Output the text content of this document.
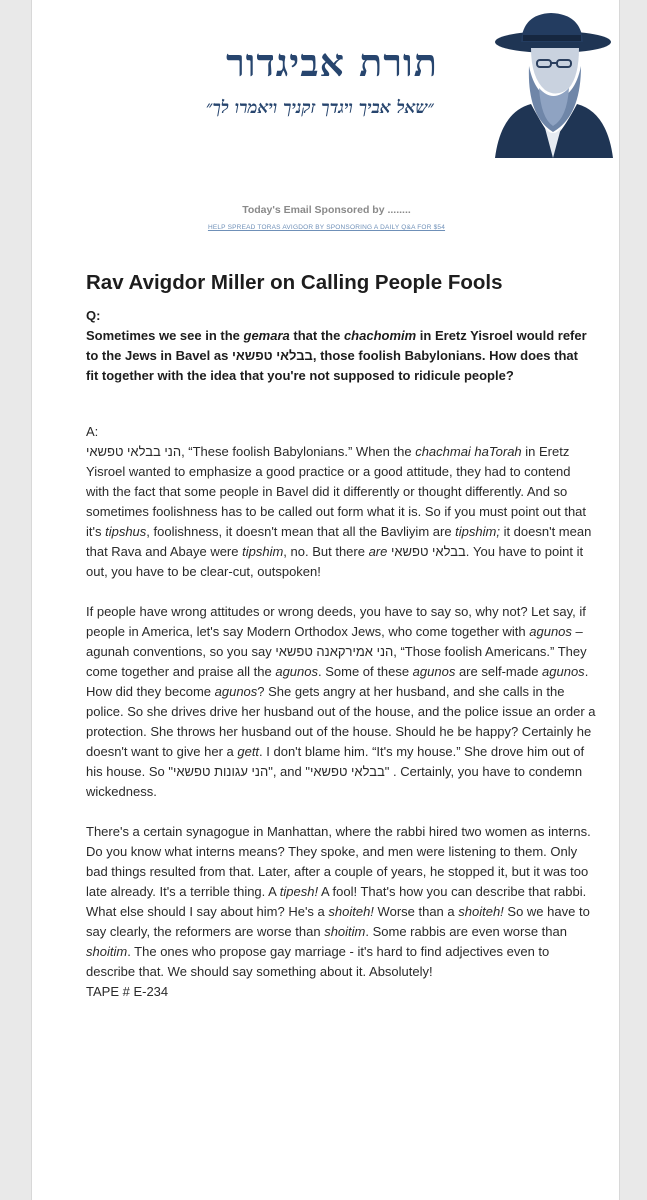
תורת אביגדור
״שאל אביך ויגדך זקניך ויאמרו לך״
Today's Email Sponsored by ........
HELP SPREAD TORAS AVIGDOR BY SPONSORING A DAILY Q&A FOR $54
Rav Avigdor Miller on Calling People Fools
Q:
Sometimes we see in the gemara that the chachomim in Eretz Yisroel would refer to the Jews in Bavel as בבלאי טפשאי, those foolish Babylonians. How does that fit together with the idea that you're not supposed to ridicule people?
A:

הני בבלאי טפשאי, “These foolish Babylonians.” When the chachmai haTorah in Eretz Yisroel wanted to emphasize a good practice or a good attitude, they had to contend with the fact that some people in Bavel did it differently or thought differently. And so sometimes foolishness has to be called out form what it is. So if you must point out that it's tipshus, foolishness, it doesn't mean that all the Bavliyim are tipshim; it doesn't mean that Rava and Abaye were tipshim, no. But there are בבלאי טפשאי. You have to point it out, you have to be clear-cut, outspoken!

If people have wrong attitudes or wrong deeds, you have to say so, why not? Let say, if people in America, let's say Modern Orthodox Jews, who come together with agunos – agunah conventions, so you say הני אמירקאנה טפשאי, “Those foolish Americans.” They come together and praise all the agunos. Some of these agunos are self-made agunos. How did they become agunos? She gets angry at her husband, and she calls in the police. So she drives drive her husband out of the house, and the police issue an order a protection. She throws her husband out of the house. Should he be happy? Certainly he doesn't want to give her a gett. I don't blame him. “It's my house.” She drove him out of his house. So "הני עגונות טפשאי", and "בבלאי טפשאי" . Certainly, you have to condemn wickedness.

There's a certain synagogue in Manhattan, where the rabbi hired two women as interns. Do you know what interns means? They spoke, and men were listening to them. Only bad things resulted from that. Later, after a couple of years, he stopped it, but it was too late already. It's a terrible thing. A tipesh! A fool! That's how you can describe that rabbi. What else should I say about him? He's a shoiteh! Worse than a shoiteh! So we have to say clearly, the reformers are worse than shoitim. Some rabbis are even worse than shoitim. The ones who propose gay marriage - it's hard to find adjectives even to describe that. We should say something about it. Absolutely!
TAPE # E-234
